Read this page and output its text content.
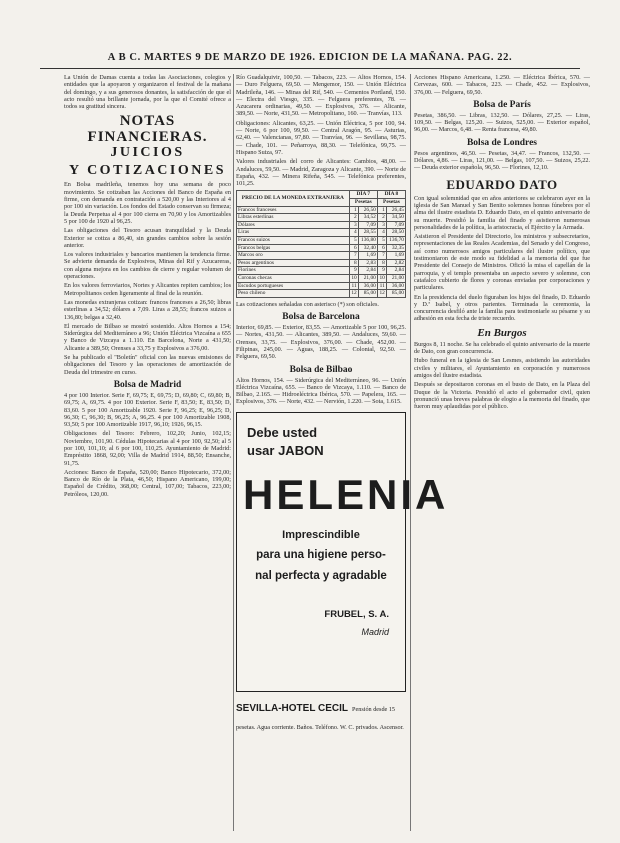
A B C. MARTES 9 DE MARZO DE 1926. EDICION DE LA MAÑANA. PAG. 22.

La Unión de Damas cuenta a todas las Asociaciones, colegios y entidades que la apoyaron y organizaron el festival de la mañana del domingo, y a sus generosos donantes, la satisfacción de que el acto resultó una brillante jornada, por la que el Comité ofrece a todos su gratitud sincera.

NOTAS FINANCIERAS.
JUICIOS
Y COTIZACIONES

En Bolsa madrileña, tenemos hoy una semana de poco movimiento. Se cotizaban las Acciones del Banco de España en firme, con demanda en contratación a 520,00 y las Interiores al 4 por 100 sin variación. Los fondos del Estado conservan su firmeza; la Deuda Perpetua al 4 por 100 cierra en 70,90 y los Amortizables 5 por 100 de 1920 al 96,25.

Las obligaciones del Tesoro acusan tranquilidad y la Deuda Exterior se cotiza a 86,40, sin grandes cambios sobre la sesión anterior.

Los valores industriales y bancarios mantienen la tendencia firme. Se advierte demanda de Explosivos, Minas del Rif y Azucareras, con alguna mejora en los cambios de cierre y regular volumen de operaciones.

En los valores ferroviarios, Nortes y Alicantes repiten cambios; los Metropolitanos ceden ligeramente al final de la reunión.

Las monedas extranjeras cotizan: francos franceses a 26,50; libras esterlinas a 34,52; dólares a 7,09. Liras a 28,55; francos suizos a 136,80; belgas a 32,40.

El mercado de Bilbao se mostró sostenido. Altos Hornos a 154; Siderúrgica del Mediterráneo a 96; Unión Eléctrica Vizcaína a 655 y Banco de Vizcaya a 1.110. En Barcelona, Norte a 431,50; Alicante a 389,50; Orenses a 33,75 y Explosivos a 376,00.

Se ha publicado el "Boletín" oficial con las nuevas emisiones de obligaciones del Tesoro y las operaciones de amortización de Deuda del trimestre en curso.

Bolsa de Madrid

4 por 100 Interior. Serie F, 69,75; E, 69,75; D, 69,80; C, 69,80; B, 69,75; A, 69,75. 4 por 100 Exterior. Serie F, 83,50; E, 83,50; D, 83,60. 5 por 100 Amortizable 1920. Serie F, 96,25; E, 96,25; D, 96,30; C, 96,30; B, 96,25; A, 96,25. 4 por 100 Amortizable 1908, 93,50; 5 por 100 Amortizable 1917, 96,10; 1926, 96,15.

Obligaciones del Tesoro: Febrero, 102,20; Junio, 102,15; Noviembre, 101,90. Cédulas Hipotecarias al 4 por 100, 92,50; al 5 por 100, 101,10; al 6 por 100, 110,25. Ayuntamiento de Madrid: Empréstito 1868, 92,00; Villa de Madrid 1914, 88,50; Ensanche, 91,75.

Acciones: Banco de España, 520,00; Banco Hipotecario, 372,00; Banco de Río de la Plata, 46,50; Hispano Americano, 199,00; Español de Crédito, 368,00; Central, 107,00; Tabacos, 223,00; Petróleos, 120,00.

Río Guadalquivir, 100,50. — Tabacos, 223. — Altos Hornos, 154. — Duro Felguera, 69,50. — Mengemor, 150. — Unión Eléctrica Madrileña, 146. — Minas del Rif, 540. — Cementos Portland, 150. — Electra del Viesgo, 335. — Felguera preferentes, 78. — Azucarera ordinarias, 49,50. — Explosivos, 376. — Alicante, 389,50. — Norte, 431,50. — Metropolitano, 160. — Tranvías, 113.

Obligaciones: Alicantes, 63,25. — Unión Eléctrica, 5 por 100, 94. — Norte, 6 por 100, 99,50. — Central Aragón, 95. — Asturias, 62,40. — Valencianas, 97,80. — Tranvías, 96. — Sevillana, 98,75. — Chade, 101. — Peñarroya, 88,30. — Telefónica, 99,75. — Hispano Suiza, 97.

Valores industriales del corro de Alicantes: Cambios, 48,00. — Andaluces, 59,50. — Madrid, Zaragoza y Alicante, 390. — Norte de España, 432. — Minera Rifeña, 545. — Telefónica preferentes, 101,25.

PRECIO DE LA MONEDA EXTRANJERA	DÍA 7		DÍA 8	
	Pesetas		Pesetas	
Francos franceses	1	26,50	1	26,45
Libras esterlinas	2	34,52	2	34,50
Dólares	3	7,09	3	7,09
Liras	4	28,55	4	28,50
Francos suizos	5	136,80	5	136,70
Francos belgas	6	32,40	6	32,35
Marcos oro	7	1,69	7	1,69
Pesos argentinos	8	2,83	8	2,82
Florines	9	2,84	9	2,84
Coronas checas	10	21,00	10	21,00
Escudos portugueses	11	36,00	11	36,00
Peso chileno	12	85,00	12	85,00

Las cotizaciones señaladas con asterisco (*) son oficiales.

Bolsa de Barcelona

Interior, 69,85. — Exterior, 83,55. — Amortizable 5 por 100, 96,25. — Nortes, 431,50. — Alicantes, 389,50. — Andaluces, 59,60. — Orenses, 33,75. — Explosivos, 376,00. — Chade, 452,00. — Filipinas, 245,00. — Aguas, 188,25. — Colonial, 92,50. — Felguera, 69,50.

Bolsa de Bilbao

Altos Hornos, 154. — Siderúrgica del Mediterráneo, 96. — Unión Eléctrica Vizcaína, 655. — Banco de Vizcaya, 1.110. — Banco de Bilbao, 2.165. — Hidroeléctrica Ibérica, 570. — Papelera, 165. — Explosivos, 376. — Norte, 432. — Nervión, 1.220. — Sota, 1.615.

Debe usted
usar JABON
HELENIA
Imprescindible
para una higiene perso-
nal perfecta y agradable
FRUBEL, S. A.
Madrid
SEVILLA-HOTEL CECIL Pensión desde 15 pesetas. Agua corriente. Baños. Teléfono. W. C. privados. Ascensor.

Acciones Hispano Americana, 1.250. — Eléctrica Ibérica, 570. — Cervezas, 600. — Tabacos, 223. — Chade, 452. — Explosivos, 376,00. — Felguera, 69,50.

Bolsa de París

Pesetas, 386,50. — Libras, 132,50. — Dólares, 27,25. — Liras, 109,50. — Belgas, 125,20. — Suizos, 525,00. — Exterior español, 96,00. — Marcos, 6,48. — Renta francesa, 49,80.

Bolsa de Londres

Pesos argentinos, 46,50. — Pesetas, 34,47. — Francos, 132,50. — Dólares, 4,86. — Liras, 121,00. — Belgas, 107,50. — Suizos, 25,22. — Deuda exterior española, 96,50. — Florines, 12,10.

EDUARDO DATO

Con igual solemnidad que en años anteriores se celebraron ayer en la iglesia de San Manuel y San Benito solemnes honras fúnebres por el alma del ilustre estadista D. Eduardo Dato, en el quinto aniversario de su muerte. Presidió la familia del finado y asistieron numerosas personalidades de la política, la aristocracia, el Ejército y la Armada.

Asistieron el Presidente del Directorio, los ministros y subsecretarios, representaciones de las Reales Academias, del Senado y del Congreso, así como numerosos amigos particulares del ilustre político, que testimoniaron de este modo su fidelidad a la memoria del que fue Presidente del Consejo de Ministros. Ofició la misa el capellán de la parroquia, y el templo presentaba un aspecto severo y solemne, con catafalco cubierto de flores y coronas enviadas por corporaciones y particulares.

En la presidencia del duelo figuraban los hijos del finado, D. Eduardo y D.ª Isabel, y otros parientes. Terminada la ceremonia, la concurrencia desfiló ante la familia para testimoniarle su pésame y su adhesión en esta fecha de triste recuerdo.

En Burgos

Burgos 8, 11 noche. Se ha celebrado el quinto aniversario de la muerte de Dato, con gran concurrencia.

Hubo funeral en la iglesia de San Lesmes, asistiendo las autoridades civiles y militares, el Ayuntamiento en corporación y numerosos amigos del ilustre estadista.

Después se depositaron coronas en el busto de Dato, en la Plaza del Duque de la Victoria. Presidió el acto el gobernador civil, quien pronunció unas breves palabras de elogio a la memoria del finado, que fueron muy aplaudidas por el público.
